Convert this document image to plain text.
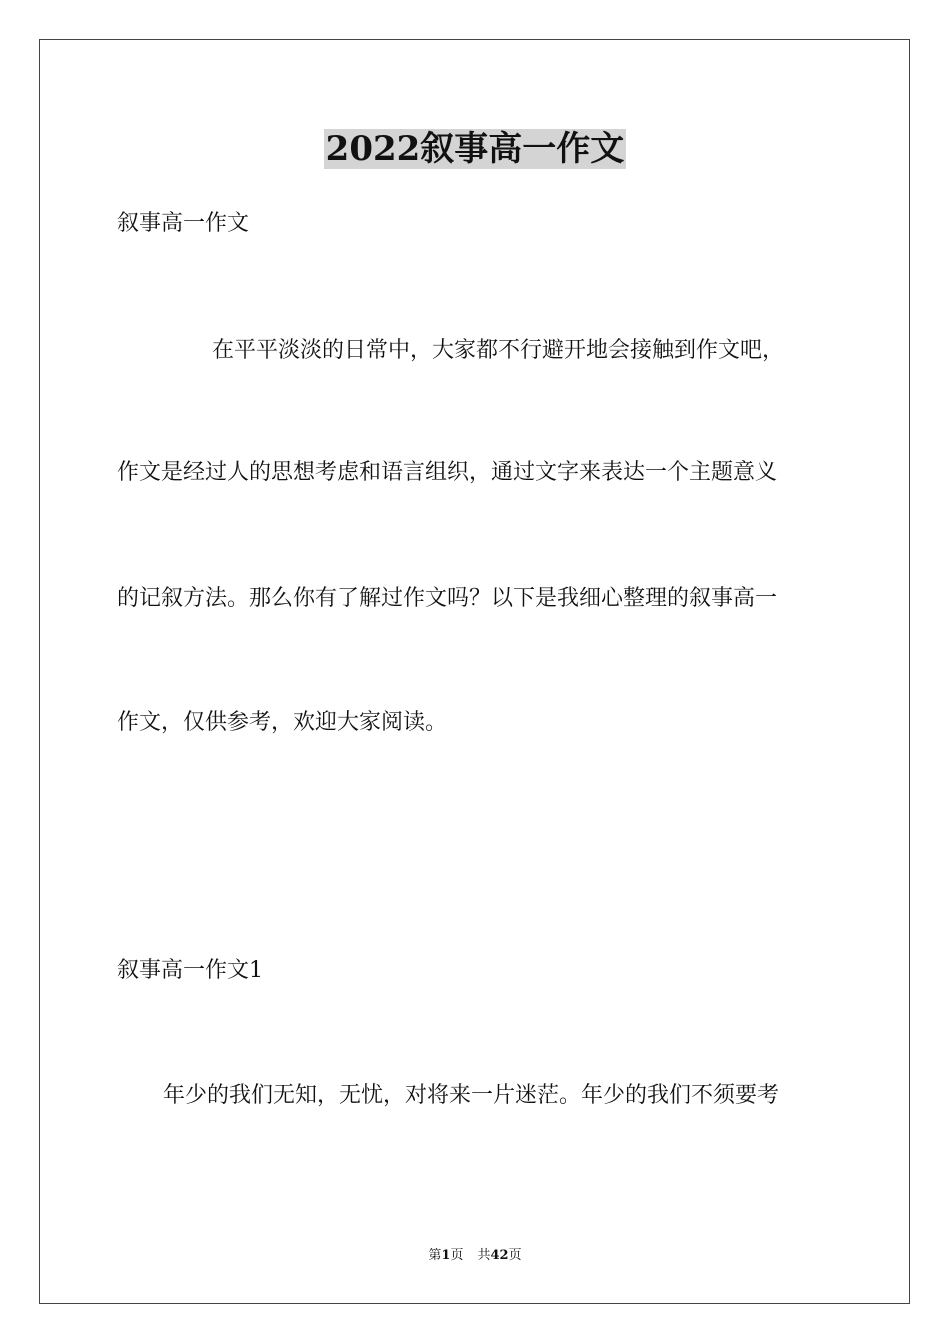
2022叙事高一作文

叙事高一作文

在平平淡淡的日常中，大家都不行避开地会接触到作文吧，

作文是经过人的思想考虑和语言组织，通过文字来表达一个主题意义

的记叙方法。那么你有了解过作文吗？以下是我细心整理的叙事高一

作文，仅供参考，欢迎大家阅读。

叙事高一作文1

年少的我们无知，无忧，对将来一片迷茫。年少的我们不须要考

第1页 共42页
